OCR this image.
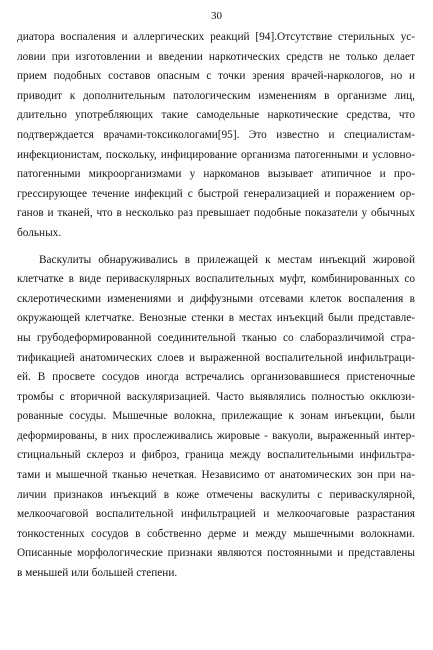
30
диатора воспаления и аллергических реакций [94].Отсутствие стерильных ус-
ловии при изготовлении и введении наркотических средств не только делает
прием подобных составов опасным с точки зрения врачей-наркологов, но и
приводит к дополнительным патологическим изменениям в организме лиц,
длительно употребляющих такие самодельные наркотические средства, что
подтверждается врачами-токсикологами[95]. Это известно и специалистам-
инфекционистам, поскольку, инфицирование организма патогенными и условно-
патогенными микроорганизмами у наркоманов вызывает атипичное и про-
грессирующее течение инфекций с быстрой генерализацией и поражением ор-
ганов и тканей, что в несколько раз превышает подобные показатели у обычных
больных.
Васкулиты обнаруживались в прилежащей к местам инъекций жировой
клетчатке в виде периваскулярных воспалительных муфт, комбинированных со
склеротическими изменениями и диффузными отсевами клеток воспаления в
окружающей клетчатке. Венозные стенки в местах инъекций были представле-
ны грубодеформированной соединительной тканью со слаборазличимой стра-
тификацией анатомических слоев и выраженной воспалительной инфильтраци-
ей. В просвете сосудов иногда встречались организовавшиеся пристеночные
тромбы с вторичной васкуляризацией. Часто выявлялись полностью окклюзи-
рованные сосуды. Мышечные волокна, прилежащие к зонам инъекции, были
деформированы, в них прослеживались жировые - вакуоли, выраженный интер-
стициальный склероз и фиброз, граница между воспалительными инфильтра-
тами и мышечной тканью нечеткая. Независимо от анатомических зон при на-
личии признаков инъекций в коже отмечены васкулиты с периваскулярной,
мелкоочаговой воспалительной инфильтрацией и мелкоочаговые разрастания
тонкостенных сосудов в собственно дерме и между мышечными волокнами.
Описанные морфологические признаки являются постоянными и представлены
в меньшей или большей степени.
